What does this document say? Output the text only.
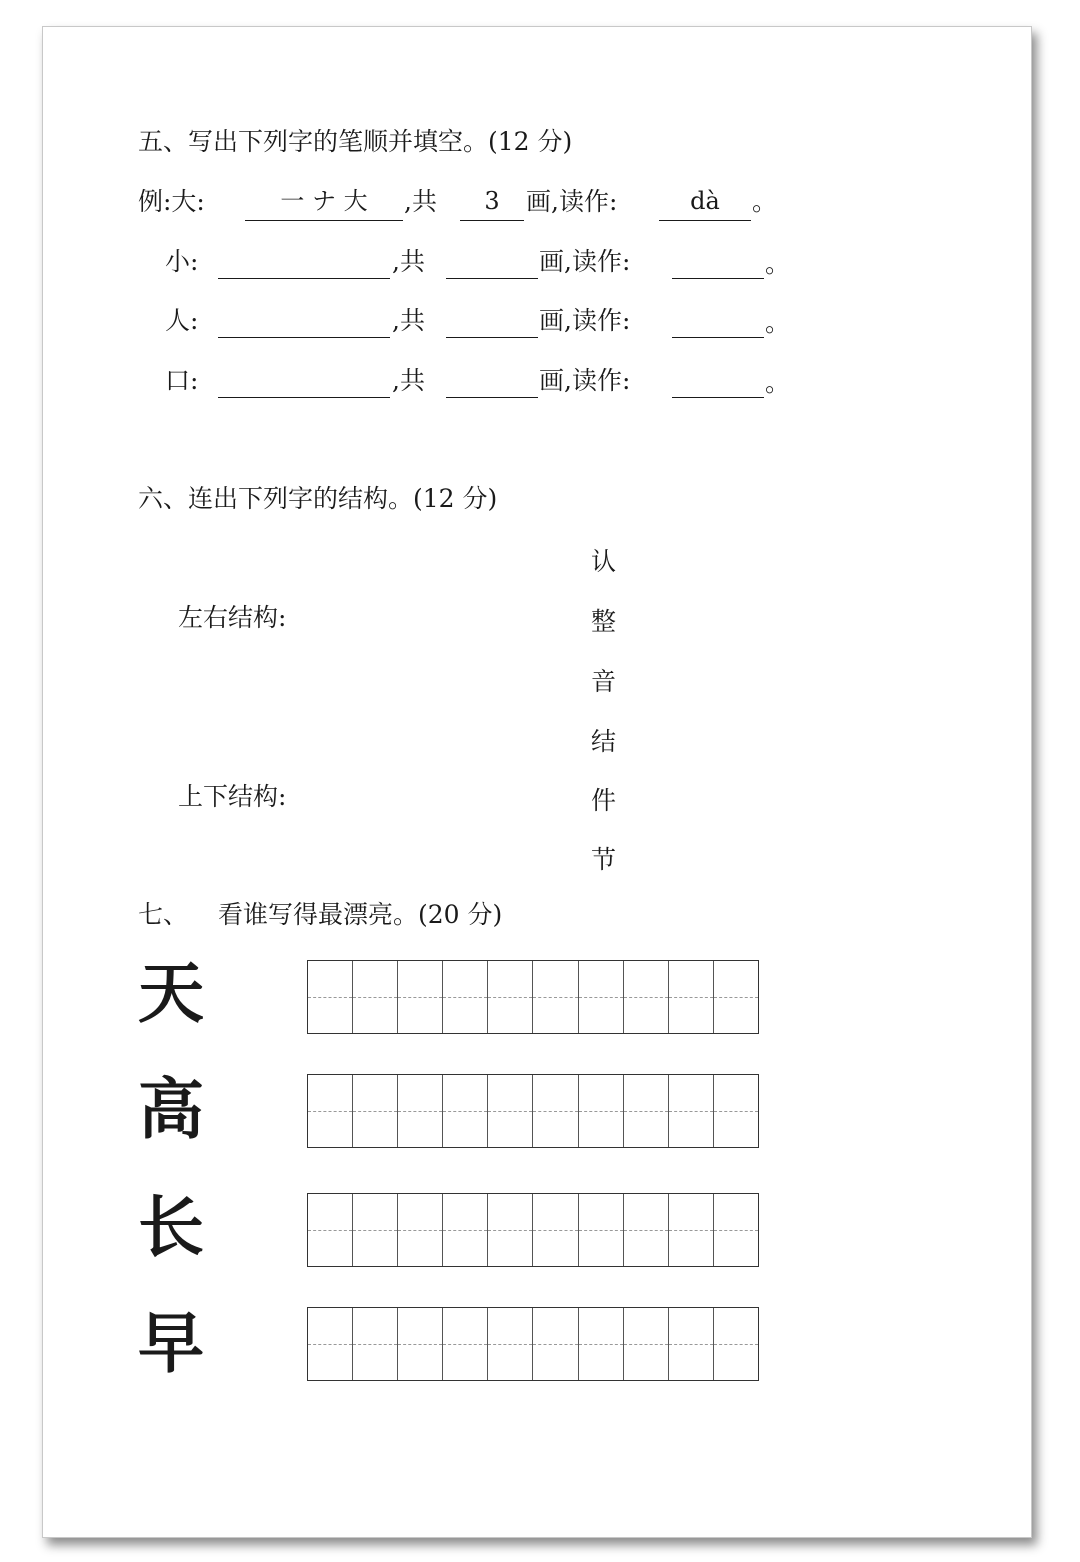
五、写出下列字的笔顺并填空。(12 分)
例:大:	一 ナ 大	,共	3	画,读作:	dà	。
小:	,共	画,读作:	。
人:	,共	画,读作:	。
口:	,共	画,读作:	。
六、连出下列字的结构。(12 分)
左右结构:
上下结构:
认
整
音
结
件
节
七、 看谁写得最漂亮。(20 分)
天
高
长
早
